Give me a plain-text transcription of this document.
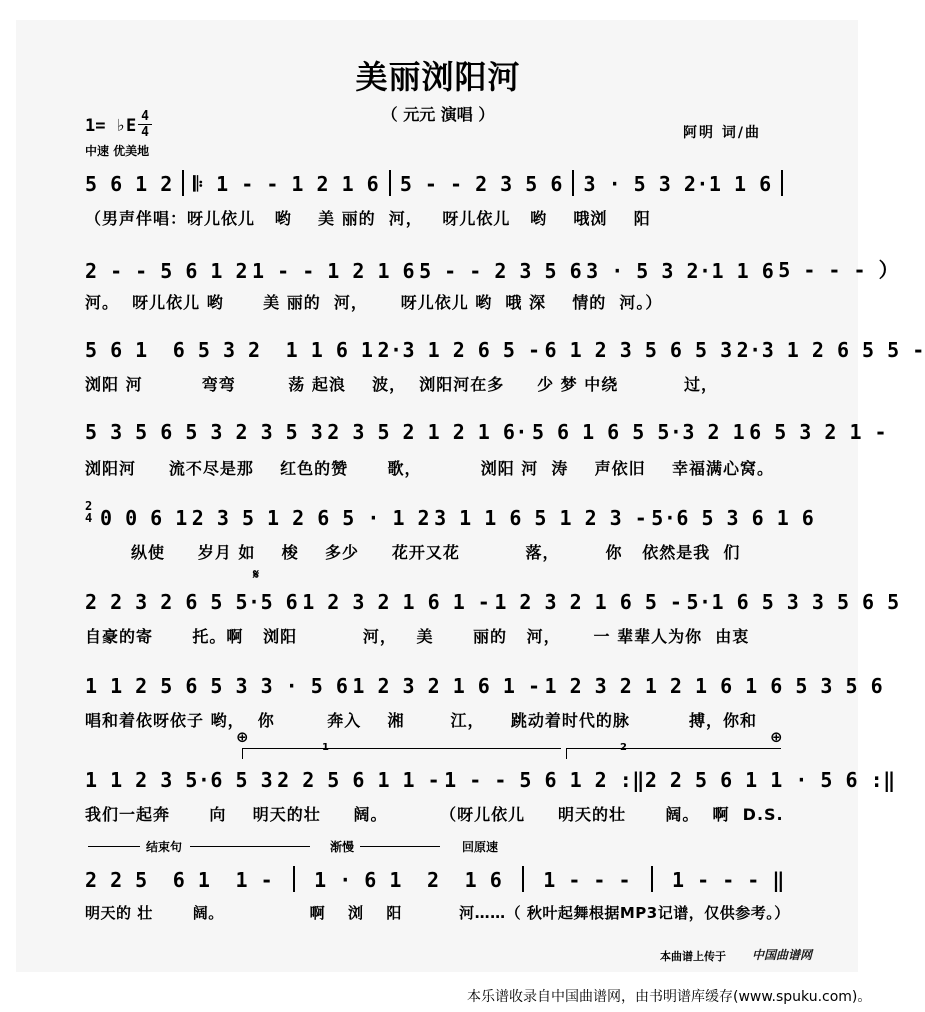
美丽浏阳河
（ 元元 演唱 ）
1= ♭E 4
4
中速 优美地
阿明 词/曲
5 6 1 2 𝄆 1 - - 1 2 1 6 5 - - 2 3 5 6 3 · 5 3 2·1 1 6
（男声伴唱：呀儿依儿   哟    美 丽的  河，   呀儿依儿   哟    哦浏    阳
2 - - 5 6 1 2 1 - - 1 2 1 6 5 - - 2 3 5 6 3 · 5 3 2·1 1 6 5 - - - ）
河。  呀儿依儿 哟      美 丽的  河，     呀儿依儿 哟  哦 深    情的  河。）
5 6 1  6 5 3 2  1 1 6 1 2·3 1 2 6 5 - 6 1 2 3 5 6 5 3 2·3 1 2 6 5 5 -
浏阳 河         弯弯        荡 起浪    波，  浏阳河在多     少 梦 中绕          过，
5 3 5 6 5 3 2 3 5 3 2 3 5 2 1 2 1 6· 5 6 1 6 5 5·3 2 1 6 5 3 2 1 -
浏阳河     流不尽是那    红色的赞      歌，         浏阳 河  涛    声依旧    幸福满心窝。
2
4 0 0 6 1 2 3 5 1 2 6 5 · 1 2 3 1 1 6 5 1 2 3 - 5·6 5 3 6 1 6
纵使     岁月 如    梭    多少     花开又花          落，       你   依然是我  们
𝄋
2 2 3 2 6 5 5·5 6 1 2 3 2 1 6 1 - 1 2 3 2 1 6 5 - 5·1 6 5 3 3 5 6 5
自豪的寄      托。啊   浏阳          河，   美      丽的   河，     一 辈辈人为你  由衷
1 1 2 5 6 5 3 3 · 5 6 1 2 3 2 1 6 1 - 1 2 3 2 1 2 1 6 1 6 5 3 5 6
唱和着依呀依子 哟，  你        奔入    湘       江，    跳动着时代的脉         搏，你和
⊕	⊕
1	2
1 1 2 3 5·6 5 3 2 2 5 6 1 1 - 1 - - 5 6 1 2 :‖ 2 2 5 6 1 1 · 5 6 :‖
我们一起奔      向    明天的壮     阔。        （呀儿依儿     明天的壮      阔。  啊  D.S.
结束句	渐慢	回原速
2 2 5  6 1  1 - 1 · 6 1  2  1 6 1 - - - 1 - - - ‖
明天的 壮       阔。               啊    浏    阳          河……（ 秋叶起舞根据MP3记谱，仅供参考。）
本曲谱上传于 中国曲谱网
本乐谱收录自中国曲谱网，由书明谱库缓存(www.spuku.com)。
